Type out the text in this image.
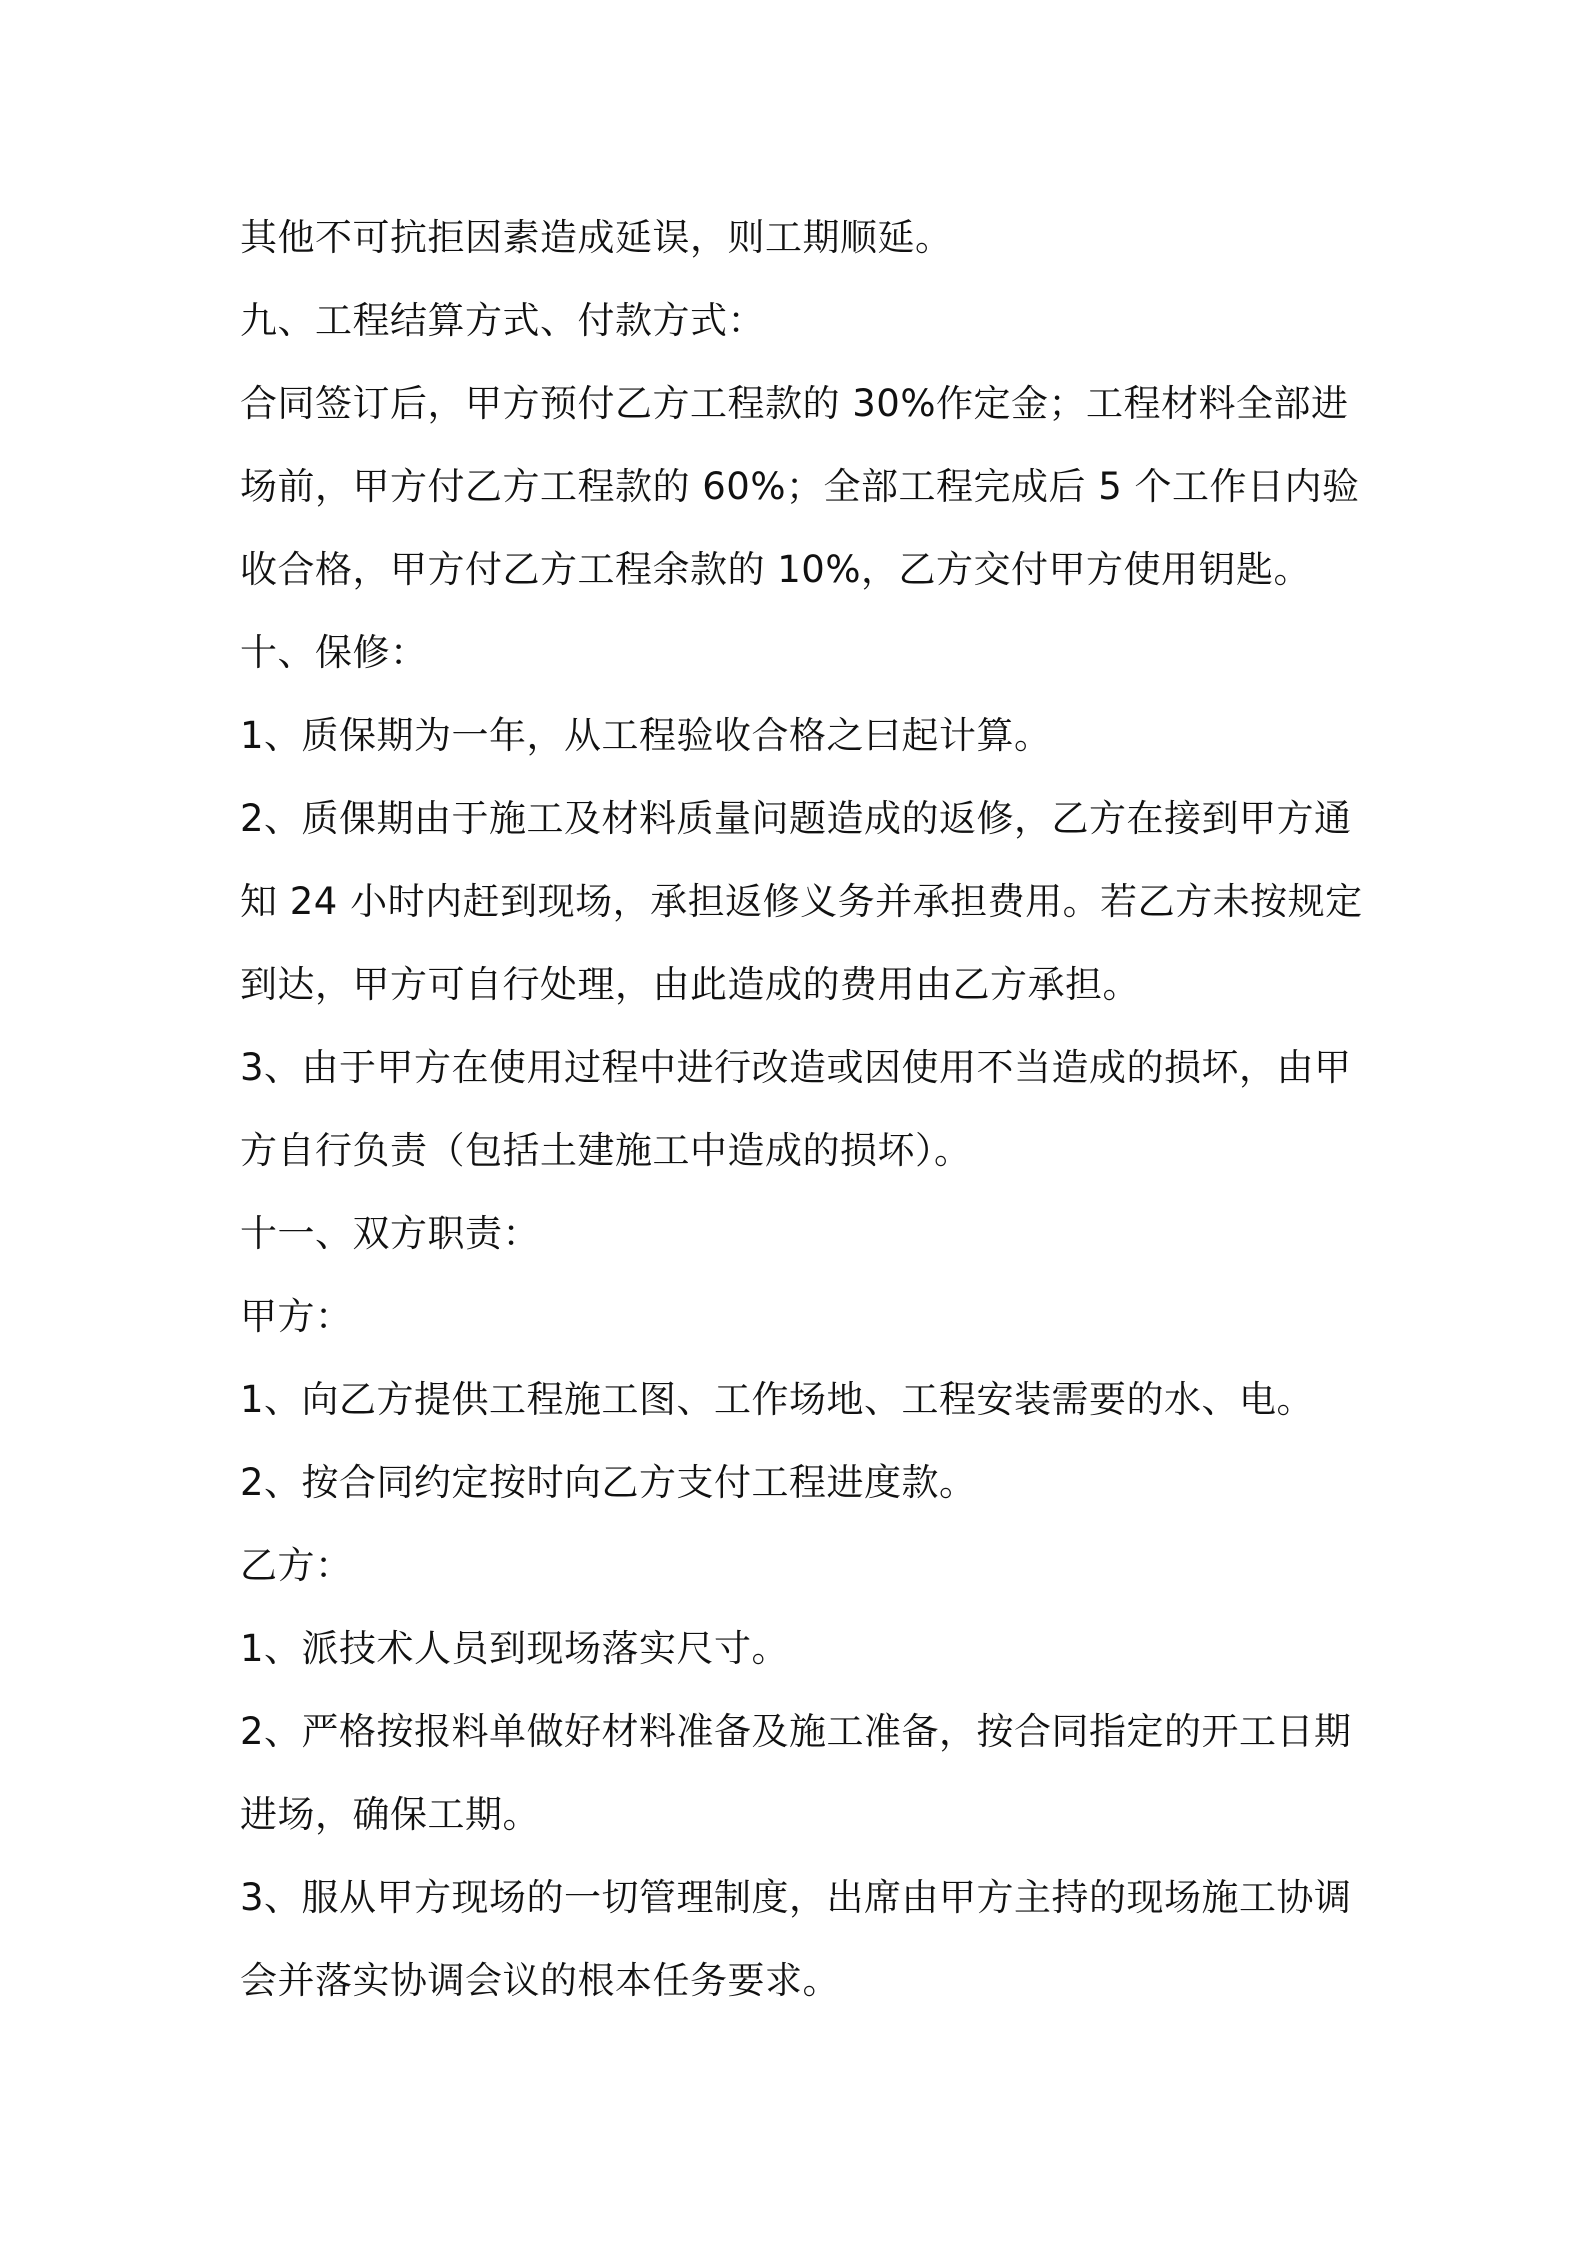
其他不可抗拒因素造成延误，则工期顺延。
九、工程结算方式、付款方式：
合同签订后，甲方预付乙方工程款的 30%作定金；工程材料全部进
场前，甲方付乙方工程款的 60%；全部工程完成后 5 个工作日内验
收合格，甲方付乙方工程余款的 10%，乙方交付甲方使用钥匙。
十、保修：
1、质保期为一年，从工程验收合格之曰起计算。
2、质倮期由于施工及材料质量问题造成的返修，乙方在接到甲方通
知 24 小时内赶到现场，承担返修义务并承担费用。若乙方未按规定
到达，甲方可自行处理，由此造成的费用由乙方承担。
3、由于甲方在使用过程中进行改造或因使用不当造成的损坏，由甲
方自行负责（包括土建施工中造成的损坏）。
十一、双方职责：
甲方：
1、向乙方提供工程施工图、工作场地、工程安装需要的水、电。
2、按合同约定按时向乙方支付工程进度款。
乙方：
1、派技术人员到现场落实尺寸。
2、严格按报料单做好材料准备及施工准备，按合同指定的开工日期
进场，确保工期。
3、服从甲方现场的一切管理制度，出席由甲方主持的现场施工协调
会并落实协调会议的根本任务要求。
